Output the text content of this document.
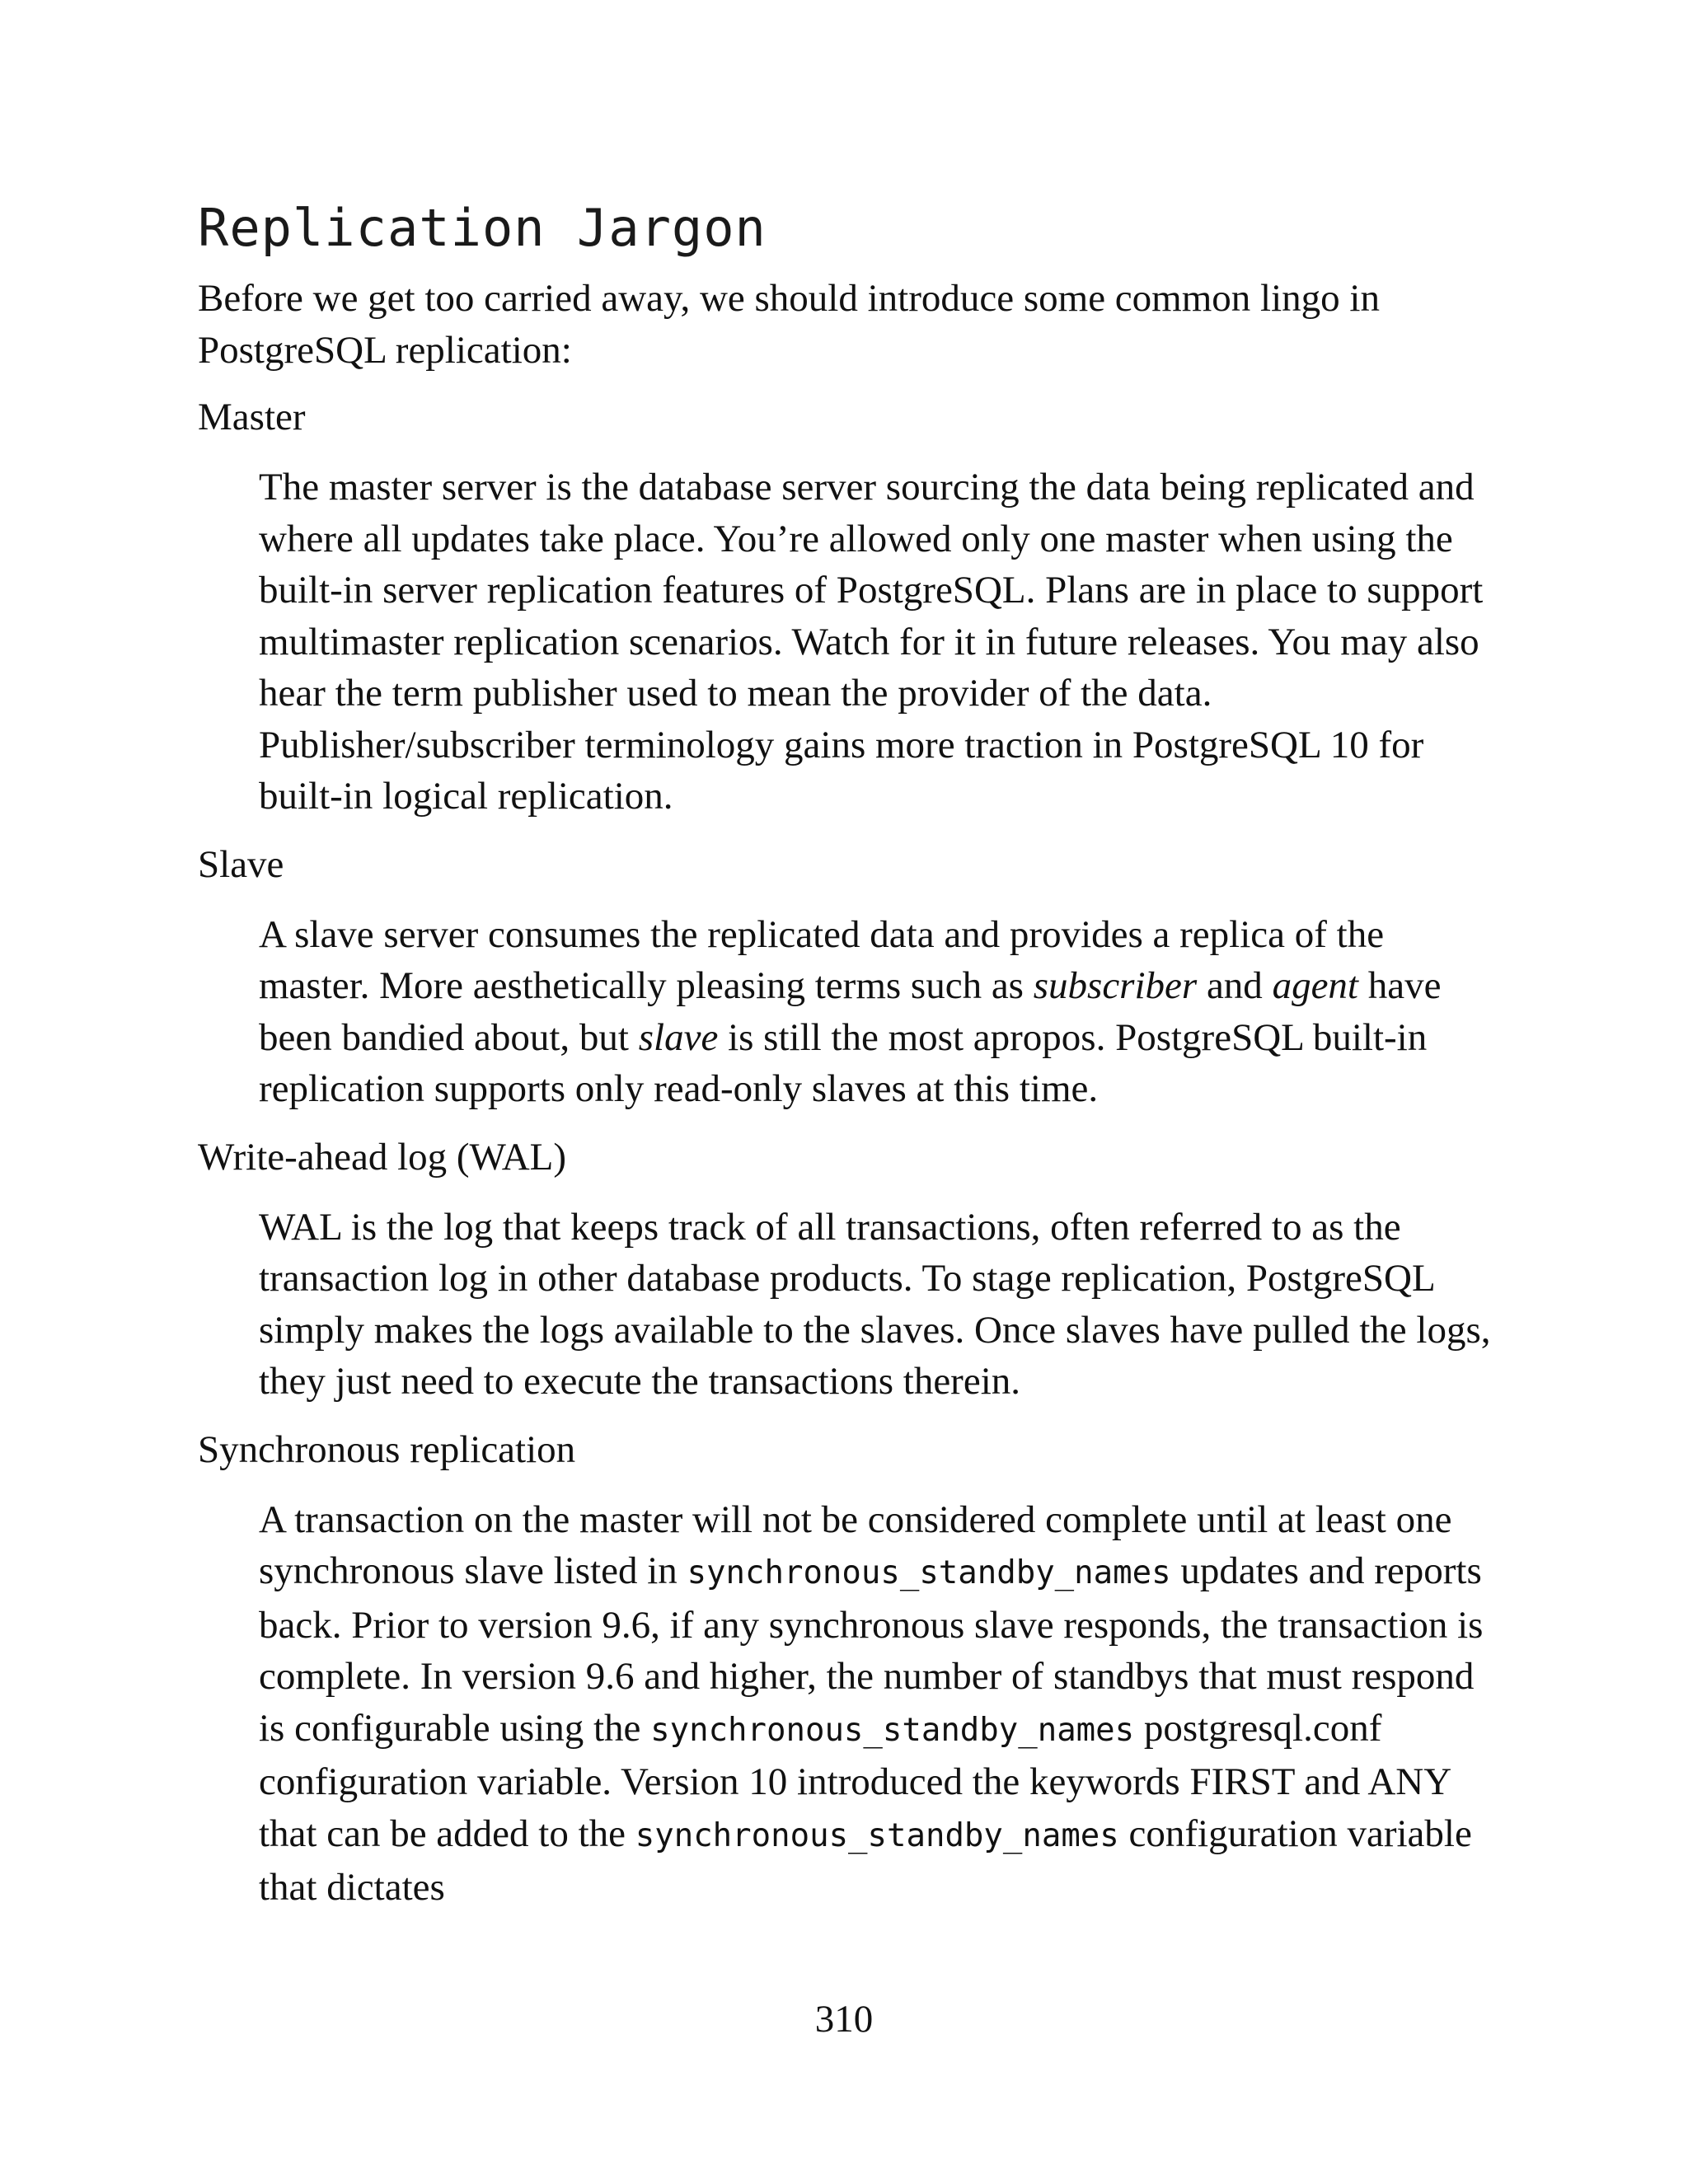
Replication Jargon

Before we get too carried away, we should introduce some common lingo in PostgreSQL replication:

Master

The master server is the database server sourcing the data being replicated and where all updates take place. You’re allowed only one master when using the built-in server replication features of PostgreSQL. Plans are in place to support multimaster replication scenarios. Watch for it in future releases. You may also hear the term publisher used to mean the provider of the data. Publisher/subscriber terminology gains more traction in PostgreSQL 10 for built-in logical replication.

Slave

A slave server consumes the replicated data and provides a replica of the master. More aesthetically pleasing terms such as subscriber and agent have been bandied about, but slave is still the most apropos. PostgreSQL built-in replication supports only read-only slaves at this time.

Write-ahead log (WAL)

WAL is the log that keeps track of all transactions, often referred to as the transaction log in other database products. To stage replication, PostgreSQL simply makes the logs available to the slaves. Once slaves have pulled the logs, they just need to execute the transactions therein.

Synchronous replication

A transaction on the master will not be considered complete until at least one synchronous slave listed in synchronous_standby_names updates and reports back. Prior to version 9.6, if any synchronous slave responds, the transaction is complete. In version 9.6 and higher, the number of standbys that must respond is configurable using the synchronous_standby_names postgresql.conf configuration variable. Version 10 introduced the keywords FIRST and ANY that can be added to the synchronous_standby_names configuration variable that dictates

310
